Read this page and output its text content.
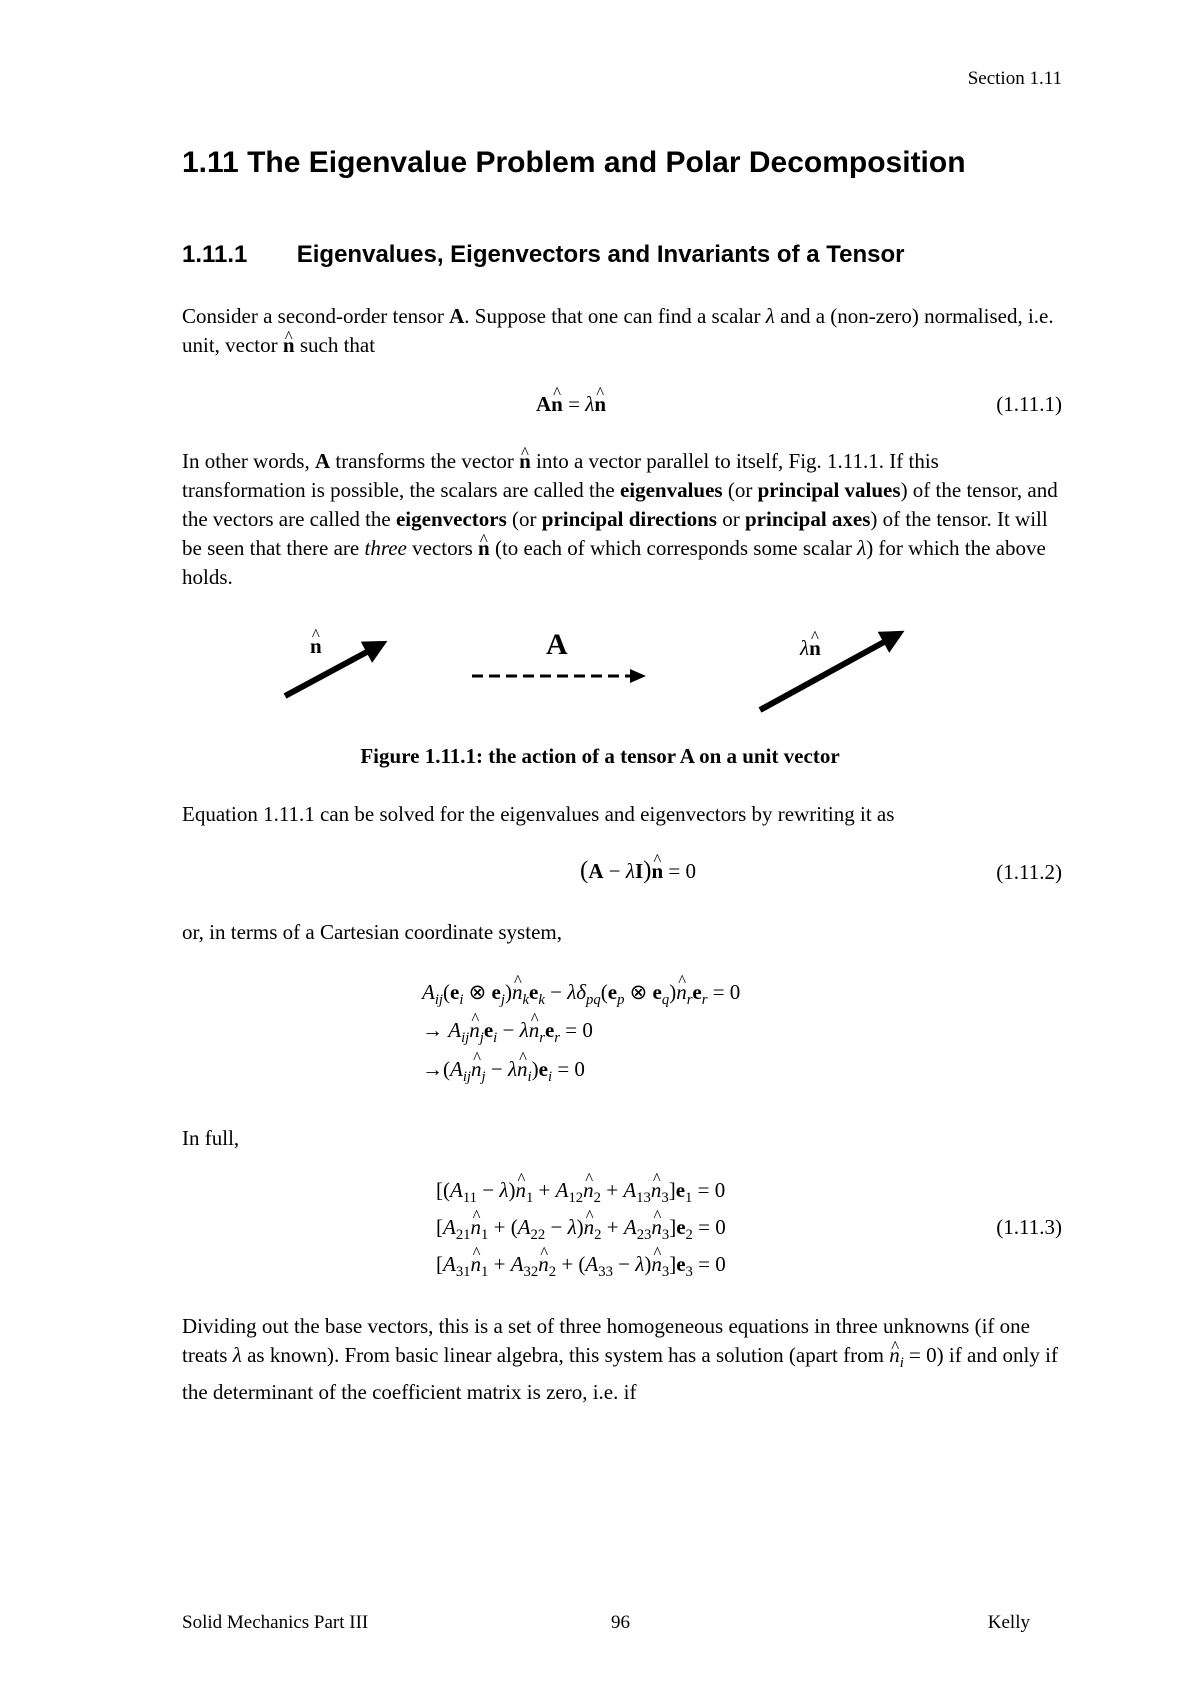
Section 1.11
1.11 The Eigenvalue Problem and Polar Decomposition
1.11.1 Eigenvalues, Eigenvectors and Invariants of a Tensor
Consider a second-order tensor A. Suppose that one can find a scalar λ and a (non-zero) normalised, i.e. unit, vector n ^ such that
An ^ = λn ^	(1.11.1)
In other words, A transforms the vector n ^ into a vector parallel to itself, Fig. 1.11.1. If this transformation is possible, the scalars are called the eigenvalues (or principal values) of the tensor, and the vectors are called the eigenvectors (or principal directions or principal axes) of the tensor. It will be seen that there are three vectors n ^ (to each of which corresponds some scalar λ) for which the above holds.
n ^	A	λn ^
Figure 1.11.1: the action of a tensor A on a unit vector
Equation 1.11.1 can be solved for the eigenvalues and eigenvectors by rewriting it as
(A − λI)n ^ = 0	(1.11.2)
or, in terms of a Cartesian coordinate system,
$A_{ij}(e_i$ ⊗ $e_j)n$ $\^{}_ke_k - \lambda\delta_{pq}(e_p$ ⊗ $e_q)n$ $\^{}_re_r = 0$
→ $A_{ij}n$ $\^{}_je_i - \lambda n$ $\^{}_re_r = 0$
$\to(A_{ij}n$ $\^{}_j - \lambda n$ $\^{}_i)e_i = 0$
In full,
[$(A_{11} - \lambda)n$ $\^{}_1 + A_{12}n$ $\^{}_2 + A_{13}n$ $\^{}_3]e_1 = 0$
[$A_{21}n$ $\^{}_1 + (A_{22} - \lambda)n$ $\^{}_2 + A_{23}n$ $\^{}_3]e_2 = 0$
[$A_{31}n$ $\^{}_1 + A_{32}n$ $\^{}_2 + (A_{33} - \lambda)n$ $\^{}_3]e_3 = 0$
(1.11.3)
Dividing out the base vectors, this is a set of three homogeneous equations in three unknowns (if one treats λ as known). From basic linear algebra, this system has a solution (apart from n $\^{}_i = 0$) if and only if the determinant of the coefficient matrix is zero, i.e. if
Solid Mechanics Part III	96	Kelly
